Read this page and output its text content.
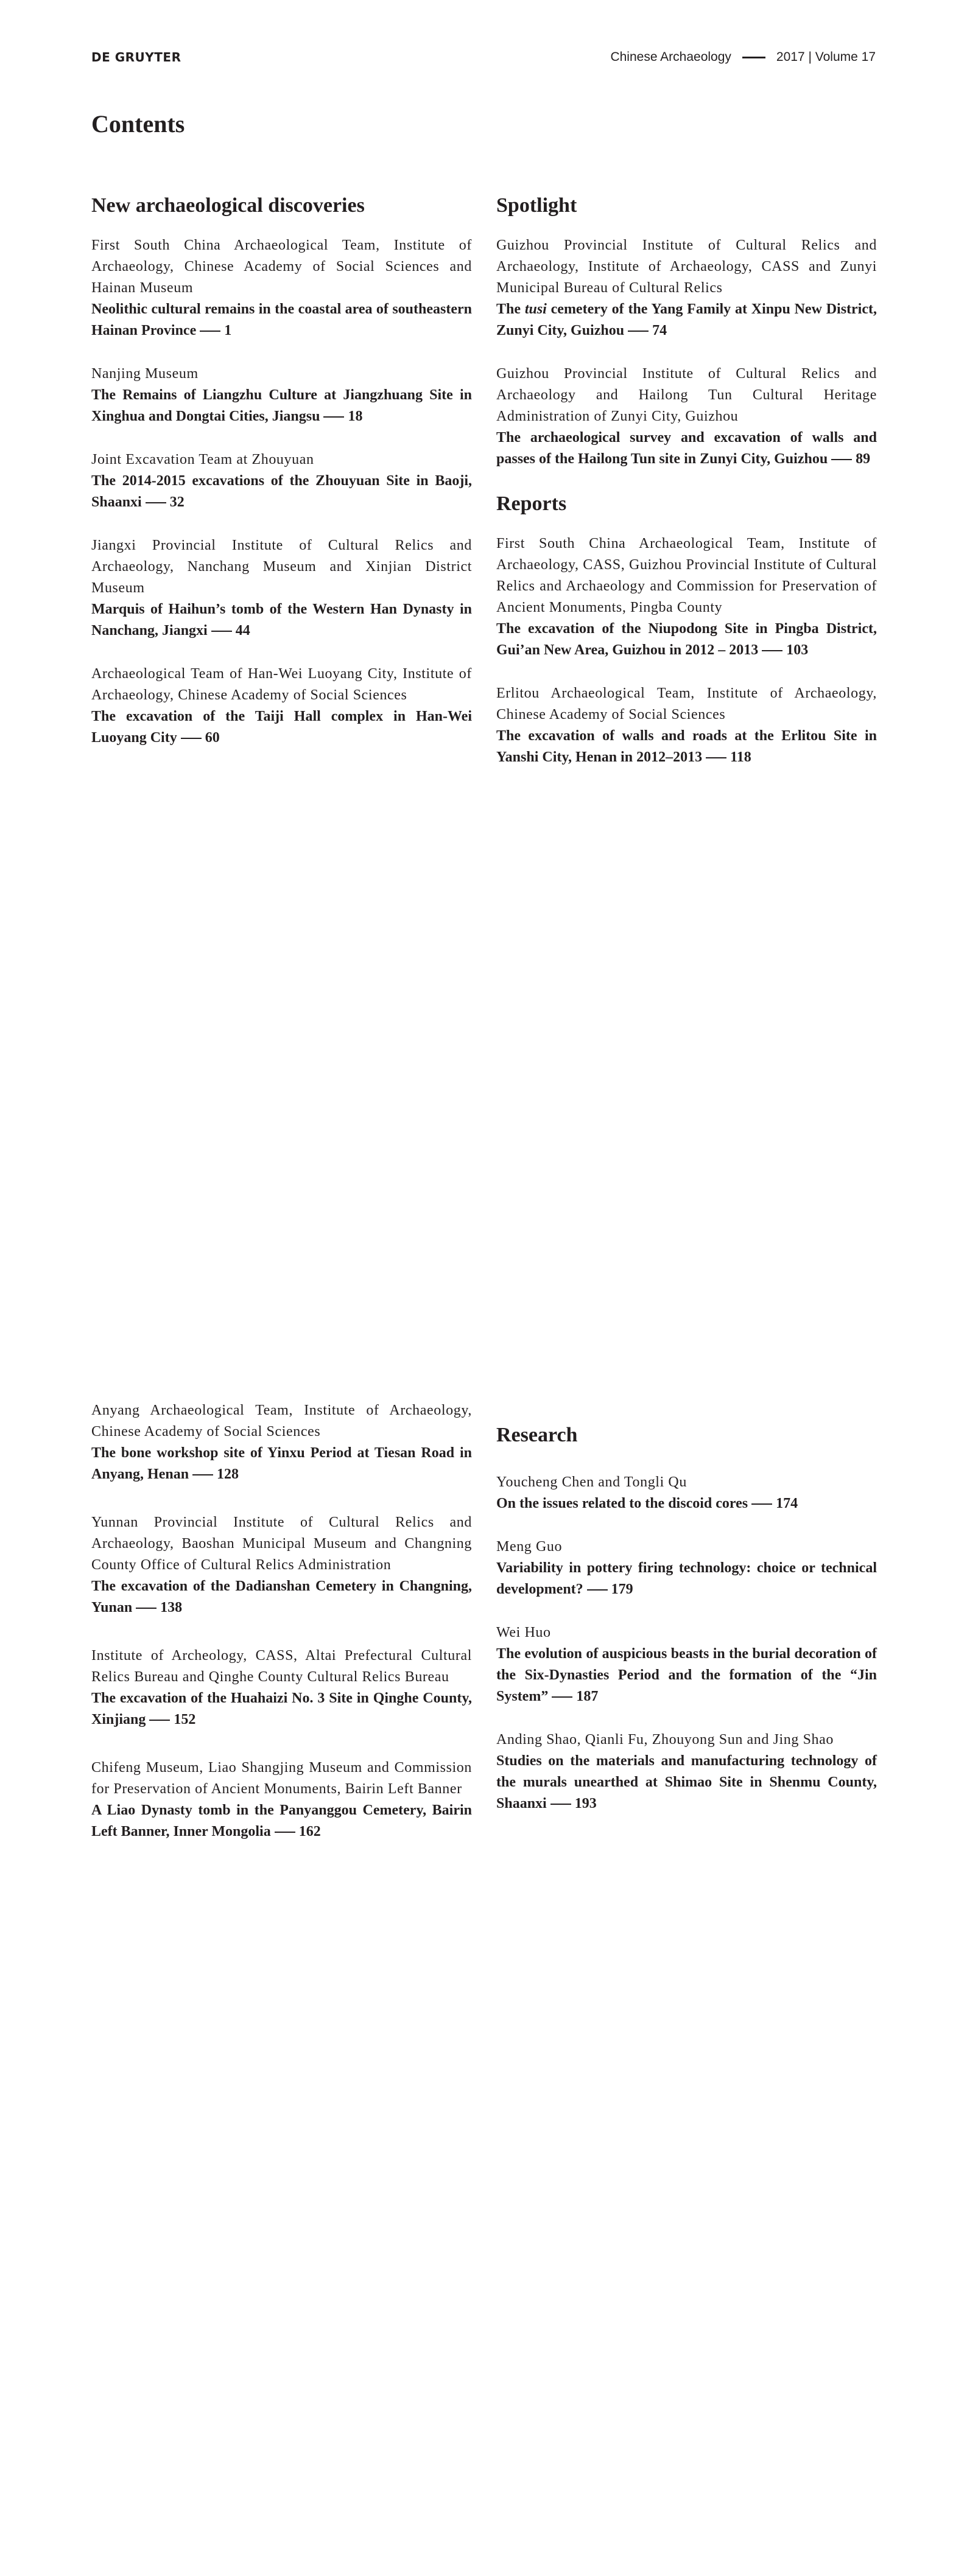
DE GRUYTER	Chinese Archaeology	2017 | Volume 17
Contents
New archaeological discoveries
First South China Archaeological Team, Institute of Archaeology, Chinese Academy of Social Sciences and Hainan Museum
Neolithic cultural remains in the coastal area of southeastern Hainan Province 1
Nanjing Museum
The Remains of Liangzhu Culture at Jiangzhuang Site in Xinghua and Dongtai Cities, Jiangsu 18
Joint Excavation Team at Zhouyuan
The 2014-2015 excavations of the Zhouyuan Site in Baoji, Shaanxi 32
Jiangxi Provincial Institute of Cultural Relics and Archaeology, Nanchang Museum and Xinjian District Museum
Marquis of Haihun’s tomb of the Western Han Dynasty in Nanchang, Jiangxi 44
Archaeological Team of Han-Wei Luoyang City, Institute of Archaeology, Chinese Academy of Social Sciences
The excavation of the Taiji Hall complex in Han-Wei Luoyang City 60
Spotlight
Guizhou Provincial Institute of Cultural Relics and Archaeology, Institute of Archaeology, CASS and Zunyi Municipal Bureau of Cultural Relics
The tusi cemetery of the Yang Family at Xinpu New District, Zunyi City, Guizhou 74
Guizhou Provincial Institute of Cultural Relics and Archaeology and Hailong Tun Cultural Heritage Administration of Zunyi City, Guizhou
The archaeological survey and excavation of walls and passes of the Hailong Tun site in Zunyi City, Guizhou 89
Reports
First South China Archaeological Team, Institute of Archaeology, CASS, Guizhou Provincial Institute of Cultural Relics and Archaeology and Commission for Preservation of Ancient Monuments, Pingba County
The excavation of the Niupodong Site in Pingba District, Gui’an New Area, Guizhou in 2012 – 2013 103
Erlitou Archaeological Team, Institute of Archaeology, Chinese Academy of Social Sciences
The excavation of walls and roads at the Erlitou Site in Yanshi City, Henan in 2012–2013 118
Anyang Archaeological Team, Institute of Archaeology, Chinese Academy of Social Sciences
The bone workshop site of Yinxu Period at Tiesan Road in Anyang, Henan 128
Yunnan Provincial Institute of Cultural Relics and Archaeology, Baoshan Municipal Museum and Changning County Office of Cultural Relics Administration
The excavation of the Dadianshan Cemetery in Changning, Yunan 138
Institute of Archeology, CASS, Altai Prefectural Cultural Relics Bureau and Qinghe County Cultural Relics Bureau
The excavation of the Huahaizi No. 3 Site in Qinghe County, Xinjiang 152
Chifeng Museum, Liao Shangjing Museum and Commission for Preservation of Ancient Monuments, Bairin Left Banner
A Liao Dynasty tomb in the Panyanggou Cemetery, Bairin Left Banner, Inner Mongolia 162
Research
Youcheng Chen and Tongli Qu
On the issues related to the discoid cores 174
Meng Guo
Variability in pottery firing technology: choice or technical development? 179
Wei Huo
The evolution of auspicious beasts in the burial decoration of the Six-Dynasties Period and the formation of the “Jin System” 187
Anding Shao, Qianli Fu, Zhouyong Sun and Jing Shao
Studies on the materials and manufacturing technology of the murals unearthed at Shimao Site in Shenmu County, Shaanxi 193
